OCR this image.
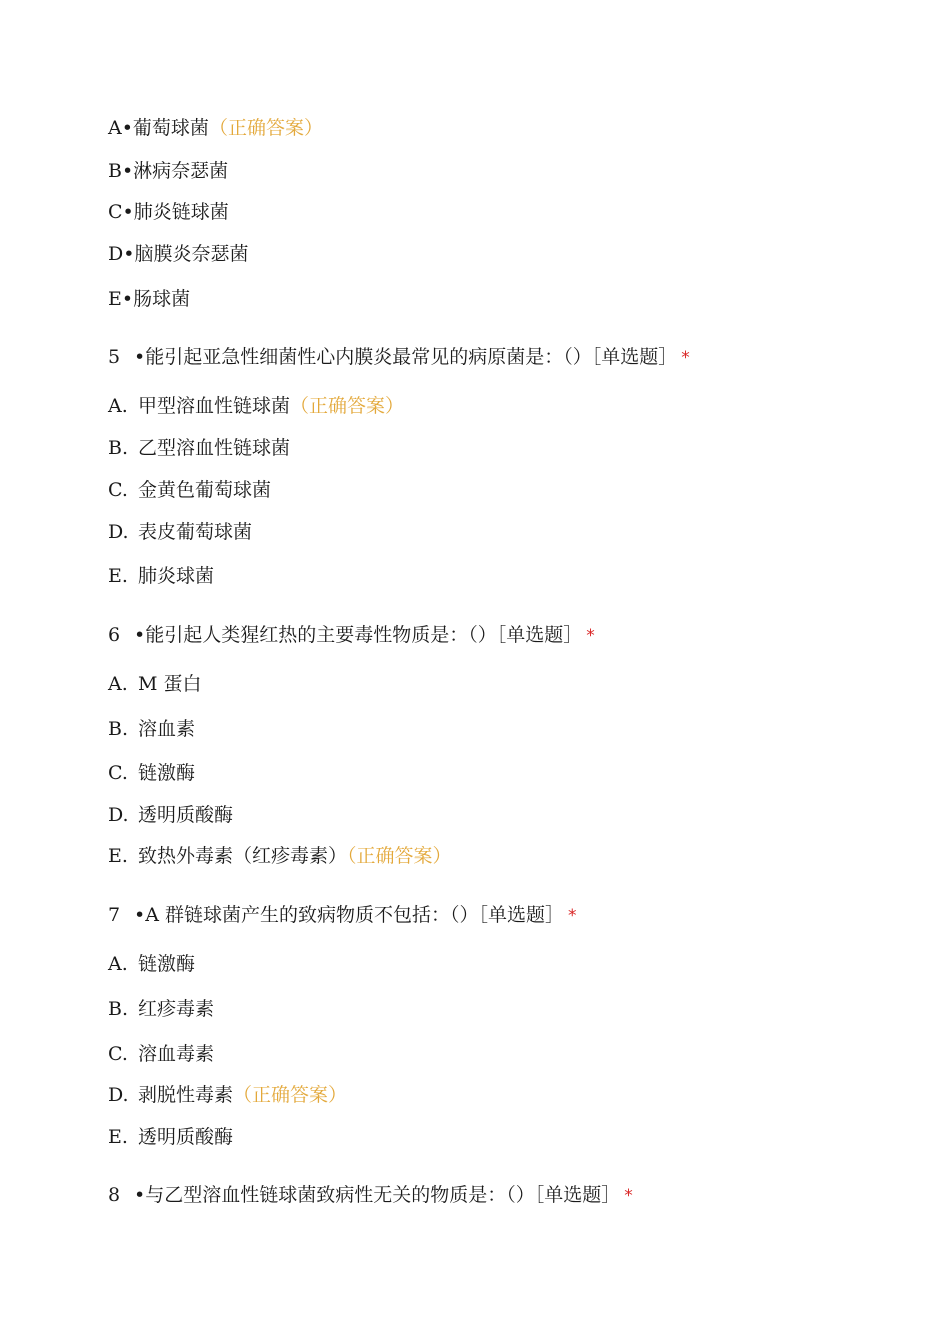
A•葡萄球菌（正确答案）
B•淋病奈瑟菌
C•肺炎链球菌
D•脑膜炎奈瑟菌
E•肠球菌
5 •能引起亚急性细菌性心内膜炎最常见的病原菌是：（）［单选题］ *
A. 甲型溶血性链球菌（正确答案）
B. 乙型溶血性链球菌
C. 金黄色葡萄球菌
D. 表皮葡萄球菌
E. 肺炎球菌
6 •能引起人类猩红热的主要毒性物质是：（）［单选题］ *
A. M 蛋白
B. 溶血素
C. 链激酶
D. 透明质酸酶
E. 致热外毒素（红疹毒素）（正确答案）
7 •A 群链球菌产生的致病物质不包括：（）［单选题］ *
A. 链激酶
B. 红疹毒素
C. 溶血毒素
D. 剥脱性毒素（正确答案）
E. 透明质酸酶
8 •与乙型溶血性链球菌致病性无关的物质是：（）［单选题］ *
